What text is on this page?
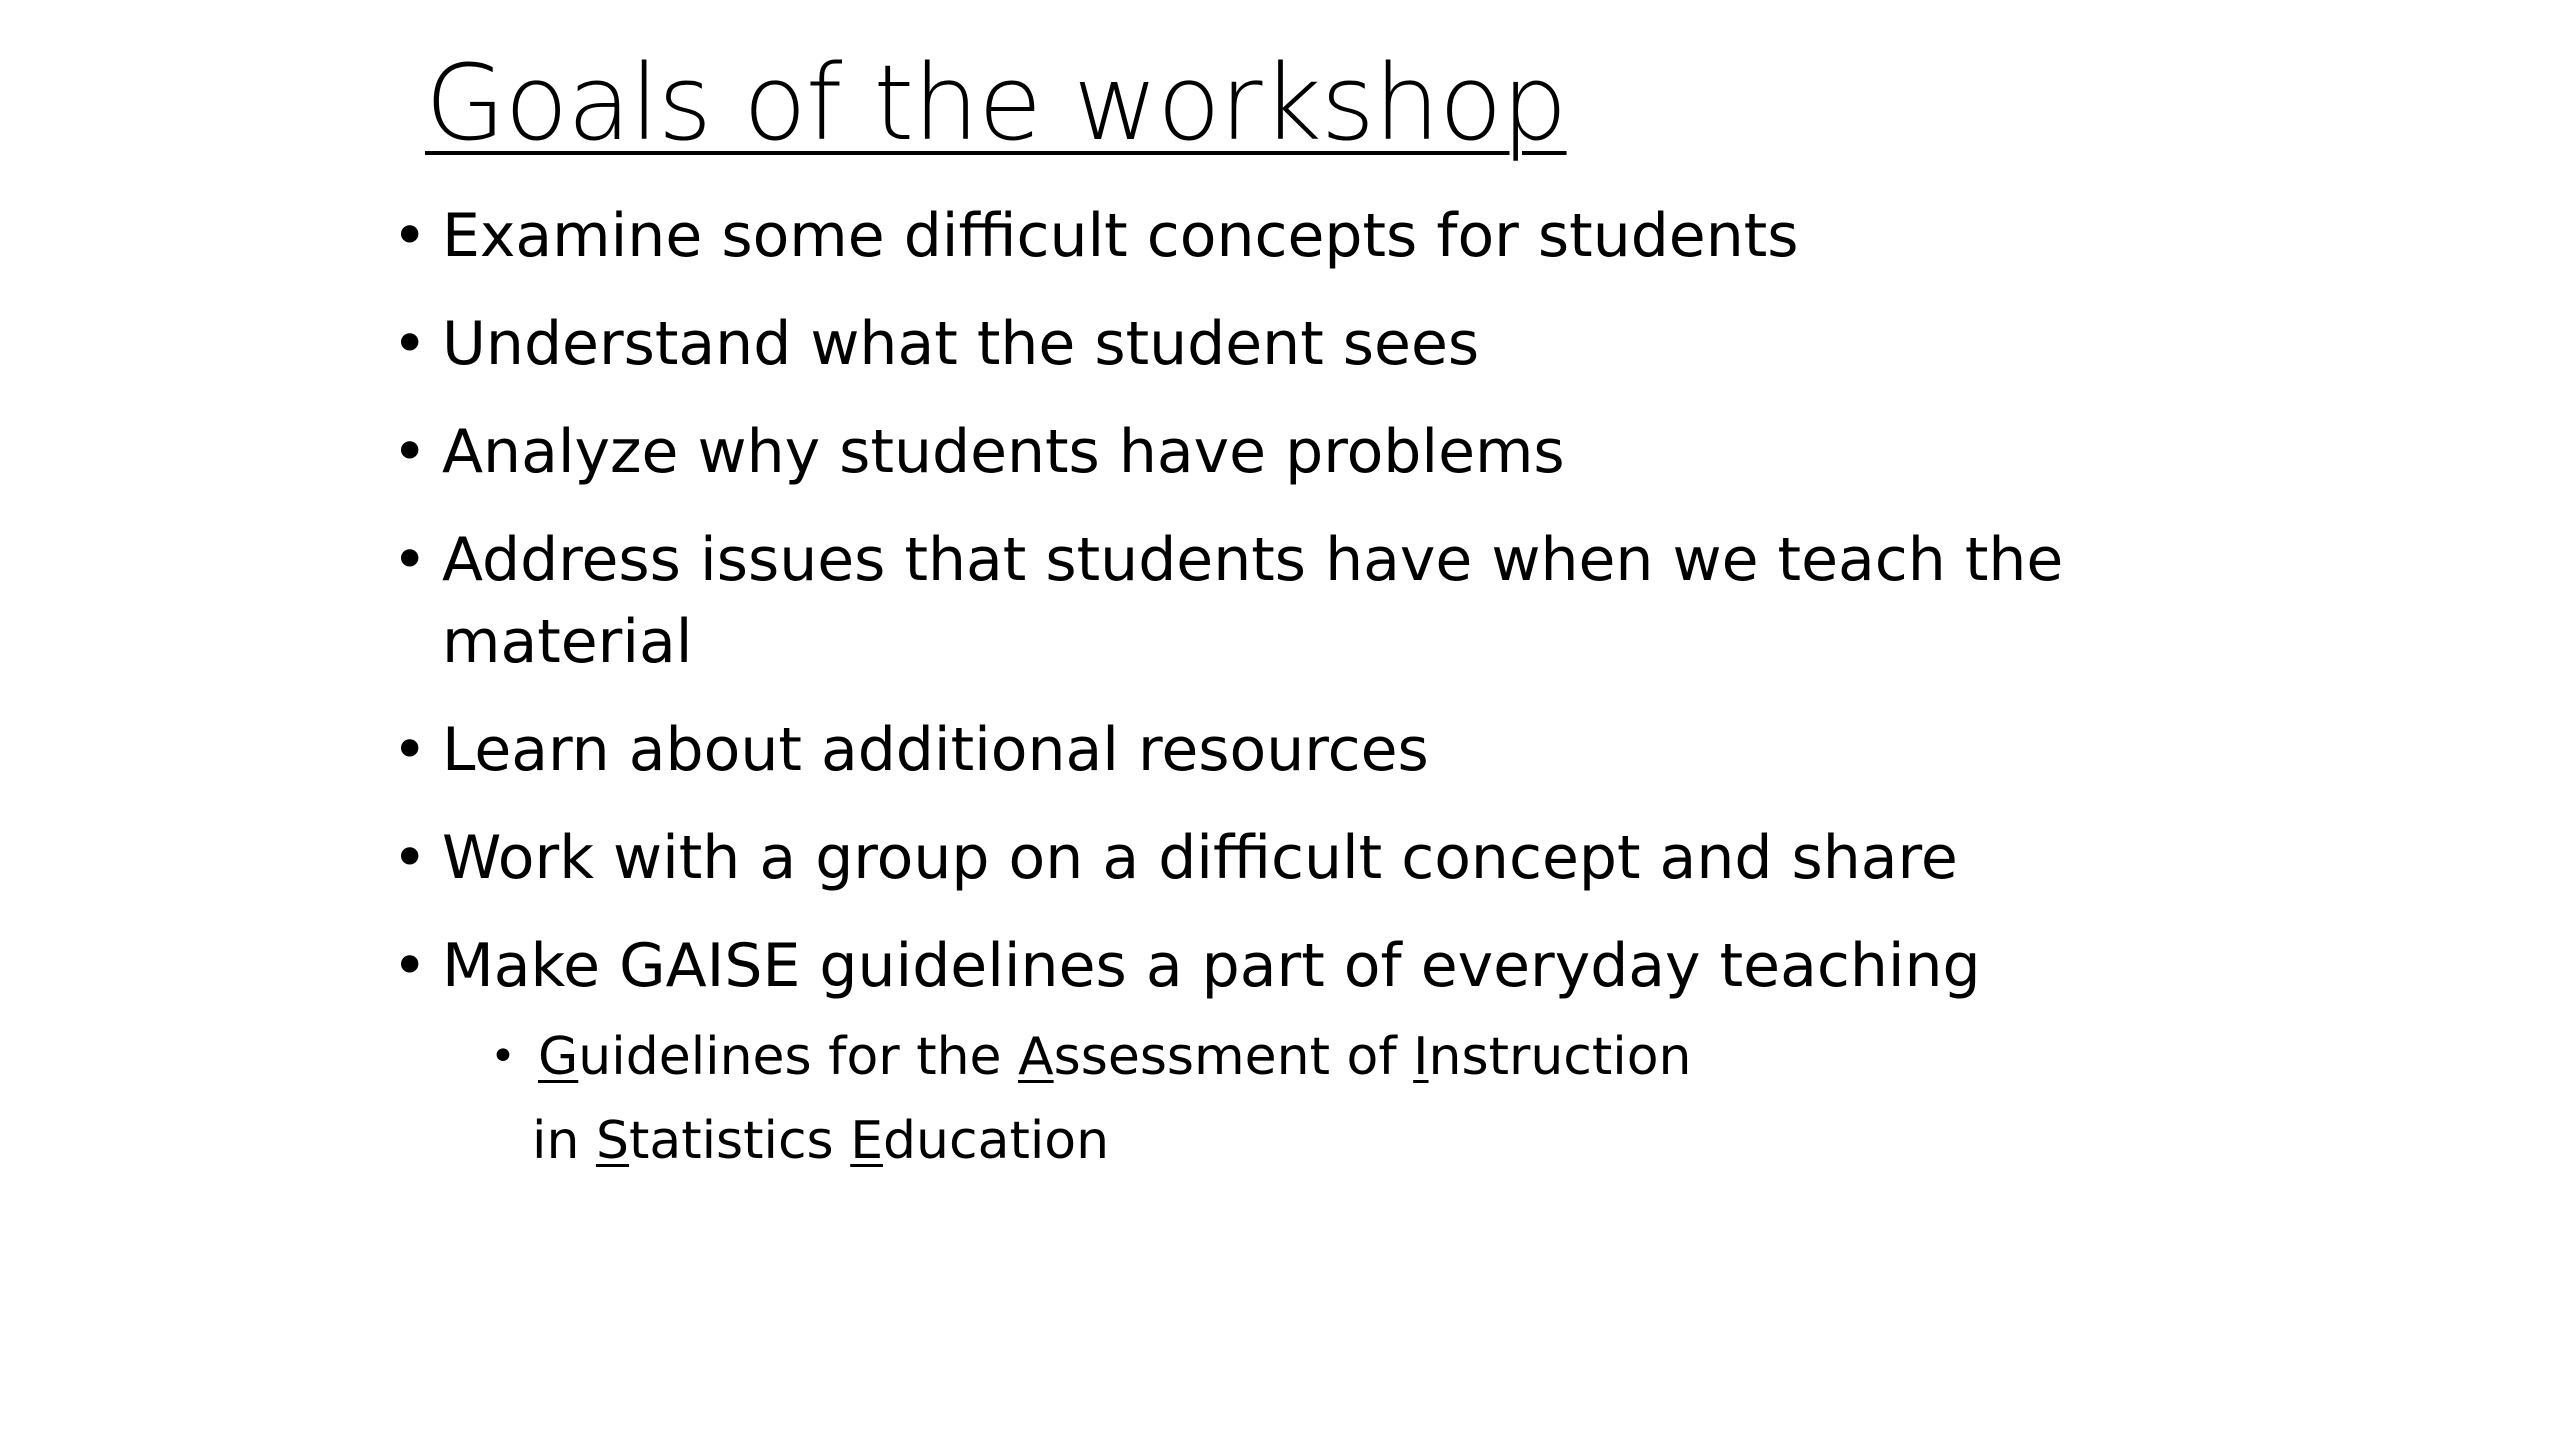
Goals of the workshop
• Examine some difficult concepts for students
• Understand what the student sees
• Analyze why students have problems
• Address issues that students have when we teach the material
• Learn about additional resources
• Work with a group on a difficult concept and share
• Make GAISE guidelines a part of everyday teaching
• Guidelines for the Assessment of Instruction
in Statistics Education
